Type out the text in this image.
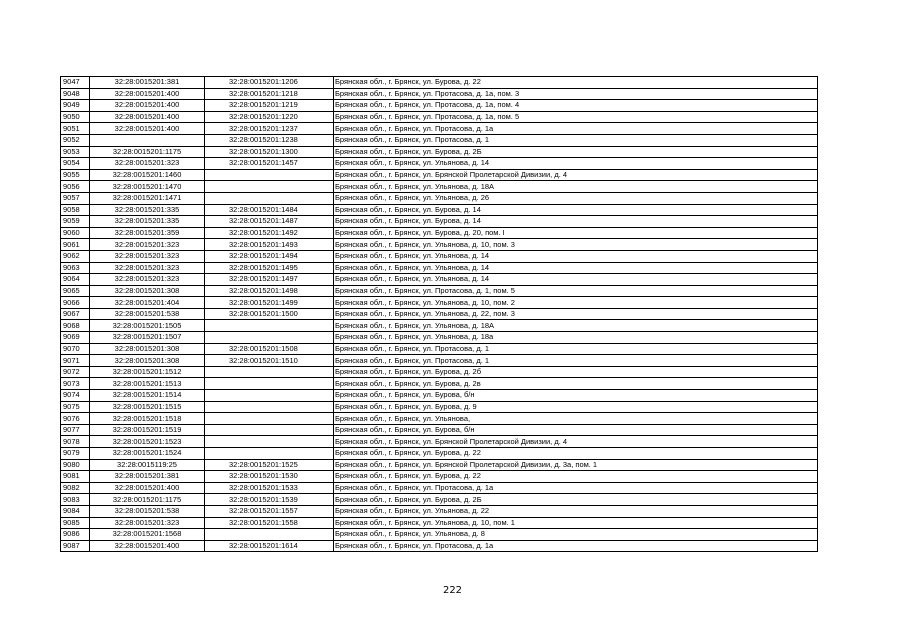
9047	32:28:0015201:381	32:28:0015201:1206	Брянская обл., г. Брянск, ул. Бурова, д. 22
9048	32:28:0015201:400	32:28:0015201:1218	Брянская обл., г. Брянск, ул. Протасова, д. 1а, пом. 3
9049	32:28:0015201:400	32:28:0015201:1219	Брянская обл., г. Брянск, ул. Протасова, д. 1а, пом. 4
9050	32:28:0015201:400	32:28:0015201:1220	Брянская обл., г. Брянск, ул. Протасова, д. 1а, пом. 5
9051	32:28:0015201:400	32:28:0015201:1237	Брянская обл., г. Брянск, ул. Протасова, д. 1а
9052		32:28:0015201:1238	Брянская обл., г. Брянск, ул. Протасова, д. 1
9053	32:28:0015201:1175	32:28:0015201:1300	Брянская обл., г. Брянск, ул. Бурова, д. 2Б
9054	32:28:0015201:323	32:28:0015201:1457	Брянская обл., г. Брянск, ул. Ульянова, д. 14
9055	32:28:0015201:1460		Брянская обл., г. Брянск, ул. Брянской Пролетарской Дивизии, д. 4
9056	32:28:0015201:1470		Брянская обл., г. Брянск, ул. Ульянова, д. 18А
9057	32:28:0015201:1471		Брянская обл., г. Брянск, ул. Ульянова, д. 26
9058	32:28:0015201:335	32:28:0015201:1484	Брянская обл., г. Брянск, ул. Бурова, д. 14
9059	32:28:0015201:335	32:28:0015201:1487	Брянская обл., г. Брянск, ул. Бурова, д. 14
9060	32:28:0015201:359	32:28:0015201:1492	Брянская обл., г. Брянск, ул. Бурова, д. 20, пом. I
9061	32:28:0015201:323	32:28:0015201:1493	Брянская обл., г. Брянск, ул. Ульянова, д. 10, пом. 3
9062	32:28:0015201:323	32:28:0015201:1494	Брянская обл., г. Брянск, ул. Ульянова, д. 14
9063	32:28:0015201:323	32:28:0015201:1495	Брянская обл., г. Брянск, ул. Ульянова, д. 14
9064	32:28:0015201:323	32:28:0015201:1497	Брянская обл., г. Брянск, ул. Ульянова, д. 14
9065	32:28:0015201:308	32:28:0015201:1498	Брянская обл., г. Брянск, ул. Протасова, д. 1, пом. 5
9066	32:28:0015201:404	32:28:0015201:1499	Брянская обл., г. Брянск, ул. Ульянова, д. 10, пом. 2
9067	32:28:0015201:538	32:28:0015201:1500	Брянская обл., г. Брянск, ул. Ульянова, д. 22, пом. 3
9068	32:28:0015201:1505		Брянская обл., г. Брянск, ул. Ульянова, д. 18А
9069	32:28:0015201:1507		Брянская обл., г. Брянск, ул. Ульянова, д. 18а
9070	32:28:0015201:308	32:28:0015201:1508	Брянская обл., г. Брянск, ул. Протасова, д. 1
9071	32:28:0015201:308	32:28:0015201:1510	Брянская обл., г. Брянск, ул. Протасова, д. 1
9072	32:28:0015201:1512		Брянская обл., г. Брянск, ул. Бурова, д. 2б
9073	32:28:0015201:1513		Брянская обл., г. Брянск, ул. Бурова, д. 2в
9074	32:28:0015201:1514		Брянская обл., г. Брянск, ул. Бурова, б/н
9075	32:28:0015201:1515		Брянская обл., г. Брянск, ул. Бурова, д. 9
9076	32:28:0015201:1518		Брянская обл., г. Брянск, ул. Ульянова,
9077	32:28:0015201:1519		Брянская обл., г. Брянск, ул. Бурова, б/н
9078	32:28:0015201:1523		Брянская обл., г. Брянск, ул. Брянской Пролетарской Дивизии, д. 4
9079	32:28:0015201:1524		Брянская обл., г. Брянск, ул. Бурова, д. 22
9080	32:28:0015119:25	32:28:0015201:1525	Брянская обл., г. Брянск, ул. Брянской Пролетарской Дивизии, д. 3а, пом. 1
9081	32:28:0015201:381	32:28:0015201:1530	Брянская обл., г. Брянск, ул. Бурова, д. 22
9082	32:28:0015201:400	32:28:0015201:1533	Брянская обл., г. Брянск, ул. Протасова, д. 1а
9083	32:28:0015201:1175	32:28:0015201:1539	Брянская обл., г. Брянск, ул. Бурова, д. 2Б
9084	32:28:0015201:538	32:28:0015201:1557	Брянская обл., г. Брянск, ул. Ульянова, д. 22
9085	32:28:0015201:323	32:28:0015201:1558	Брянская обл., г. Брянск, ул. Ульянова, д. 10, пом. 1
9086	32:28:0015201:1568		Брянская обл., г. Брянск, ул. Ульянова, д. 8
9087	32:28:0015201:400	32:28:0015201:1614	Брянская обл., г. Брянск, ул. Протасова, д. 1а
222
